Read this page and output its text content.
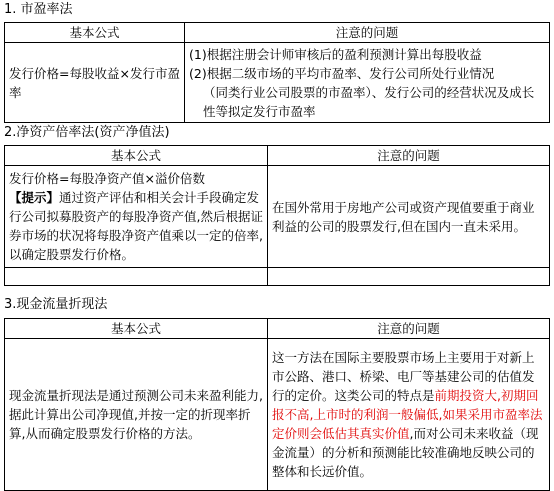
1. 市盈率法
基本公式	注意的问题
发行价格=每股收益×发行市盈率	(1)根据注册会计师审核后的盈利预测计算出每股收益
(2)根据二级市场的平均市盈率、发行公司所处行业情况
（同类行业公司股票的市盈率）、发行公司的经营状况及成长性等拟定发行市盈率
2.净资产倍率法(资产净值法)
基本公式	注意的问题

发行价格=每股净资产值×溢价倍数
【提示】通过资产评估和相关会计手段确定发行公司拟募股资产的每股净资产值,然后根据证券市场的状况将每股净资产值乘以一定的倍率,以确定股票发行价格。	在国外常用于房地产公司或资产现值要重于商业利益的公司的股票发行,但在国内一直未采用。

3.现金流量折现法
基本公式	注意的问题
现金流量折现法是通过预测公司未来盈利能力,据此计算出公司净现值,并按一定的折现率折算,从而确定股票发行价格的方法。	这一方法在国际主要股票市场上主要用于对新上市公路、港口、桥梁、电厂等基建公司的估值发行的定价。这类公司的特点是前期投资大,初期回报不高,上市时的利润一般偏低,如果采用市盈率法定价则会低估其真实价值,而对公司未来收益（现金流量）的分析和预测能比较准确地反映公司的整体和长远价值。
